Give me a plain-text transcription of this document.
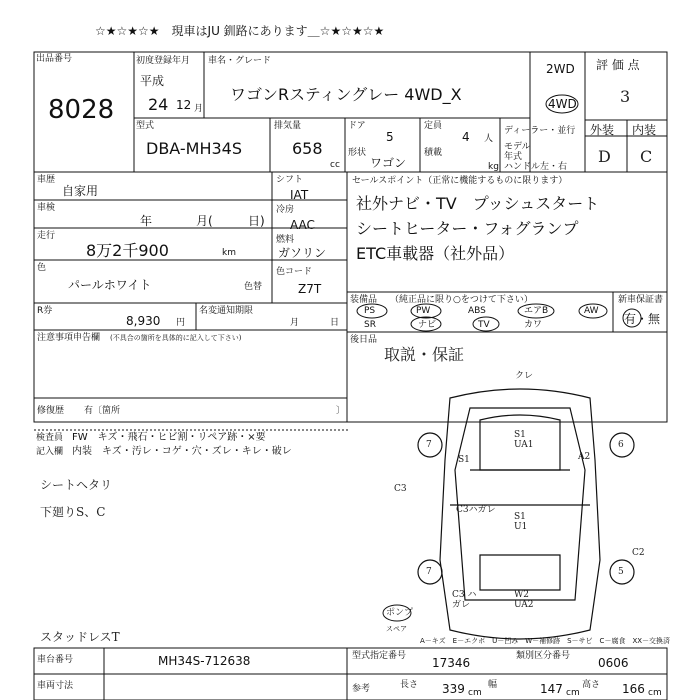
☆★☆★☆★　現車はJU 釧路にあります＿☆★☆★☆★
出品番号
8028
初度登録年月
平成
24 12 月
車名・グレード
ワゴンRスティングレー 4WD_X
2WD
4WD
評 価 点
3
型式
DBA-MH34S
排気量
658
cc
ドア
5
定員
4 人
形状
ワゴン
積載
kg
ディーラー・並行
モデル年式
ハンドル 左・右
外装 内装
D C
車歴
自家用
車検
年	月(	日)
走行
8万2千900	km
色
パールホワイト	色替
シフト
IAT
冷房
AAC
燃料
ガソリン
色コード
Z7T
R券
8,930 円
名変通知期限
月	日
注意事項申告欄 (不具合の箇所を具体的に記入して下さい)
修復歴 有〔箇所	〕
セールスポイント（正常に機能するものに限ります）
社外ナビ・TV　プッシュスタート
シートヒーター・フォグランプ
ETC車載器（社外品）
装備品 （純正品に限り○をつけて下さい）
PS	PW	ABS	エアB	AW
SR	ナビ	TV	カワ
新車保証書
有・無
後日品
取説・保証
検査員 FW　キズ・飛石・ヒビ割・リペア跡・×要
記入欄 内装　キズ・汚レ・コゲ・穴・ズレ・キレ・破レ
シートヘタリ
下廻りS、C
スタッドレスT
クレ
S1 UA1
S1 U1
S1	A2
C3
C3ハガレ
C2
7	6
7	5
W2 UA2
C3 ハガレ
ポンプ
スペア
A－キズ　E－エクボ　U－凹み　W－補修跡　S－サビ　C－腐食　XX－交換済
車台番号	MH34S-712638
車両寸法
型式指定番号 17346	類別区分番号 0606
参考	長さ 339 cm
幅	147 cm
高さ 166 cm
